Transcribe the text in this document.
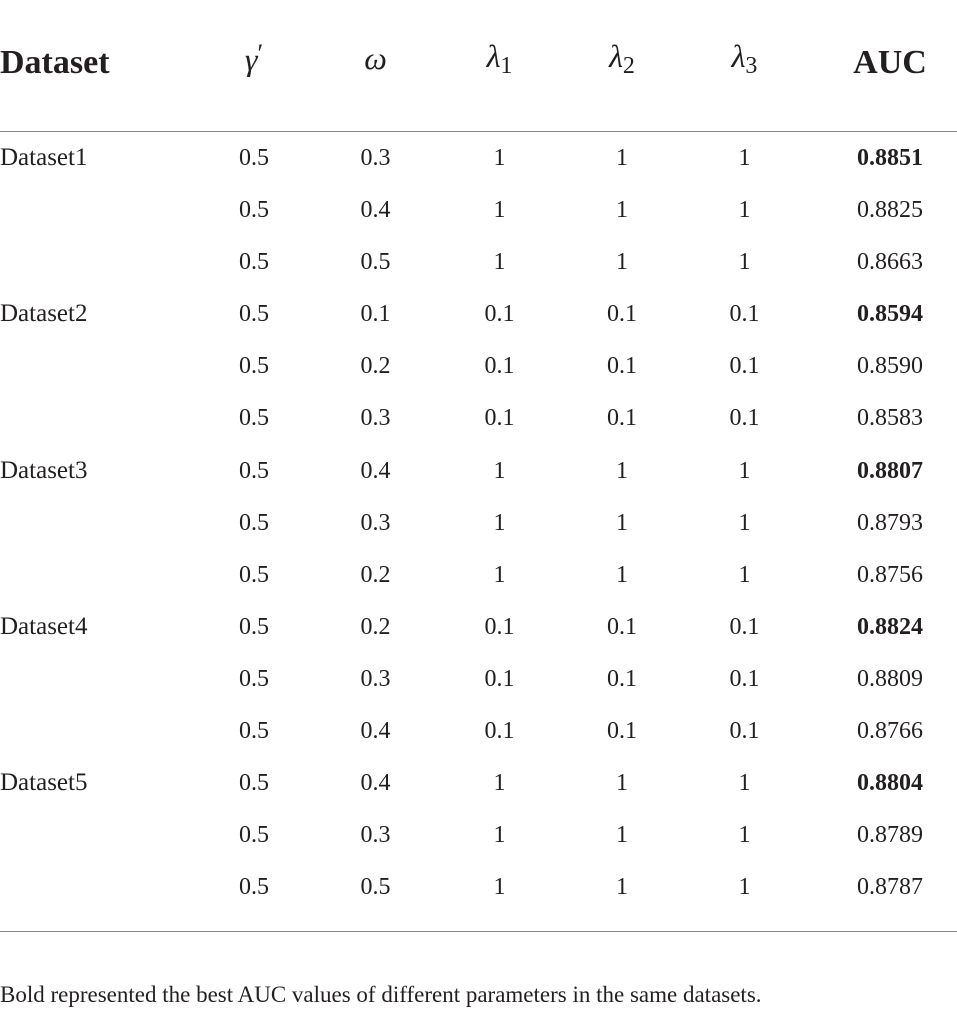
Dataset	γ′	ω	$\lambda_1$	$\lambda_2$	$\lambda_3$	AUC
Dataset1	0.5	0.3	1	1	1	0.8851
	0.5	0.4	1	1	1	0.8825
	0.5	0.5	1	1	1	0.8663
Dataset2	0.5	0.1	0.1	0.1	0.1	0.8594
	0.5	0.2	0.1	0.1	0.1	0.8590
	0.5	0.3	0.1	0.1	0.1	0.8583
Dataset3	0.5	0.4	1	1	1	0.8807
	0.5	0.3	1	1	1	0.8793
	0.5	0.2	1	1	1	0.8756
Dataset4	0.5	0.2	0.1	0.1	0.1	0.8824
	0.5	0.3	0.1	0.1	0.1	0.8809
	0.5	0.4	0.1	0.1	0.1	0.8766
Dataset5	0.5	0.4	1	1	1	0.8804
	0.5	0.3	1	1	1	0.8789
	0.5	0.5	1	1	1	0.8787
Bold represented the best AUC values of different parameters in the same datasets.
